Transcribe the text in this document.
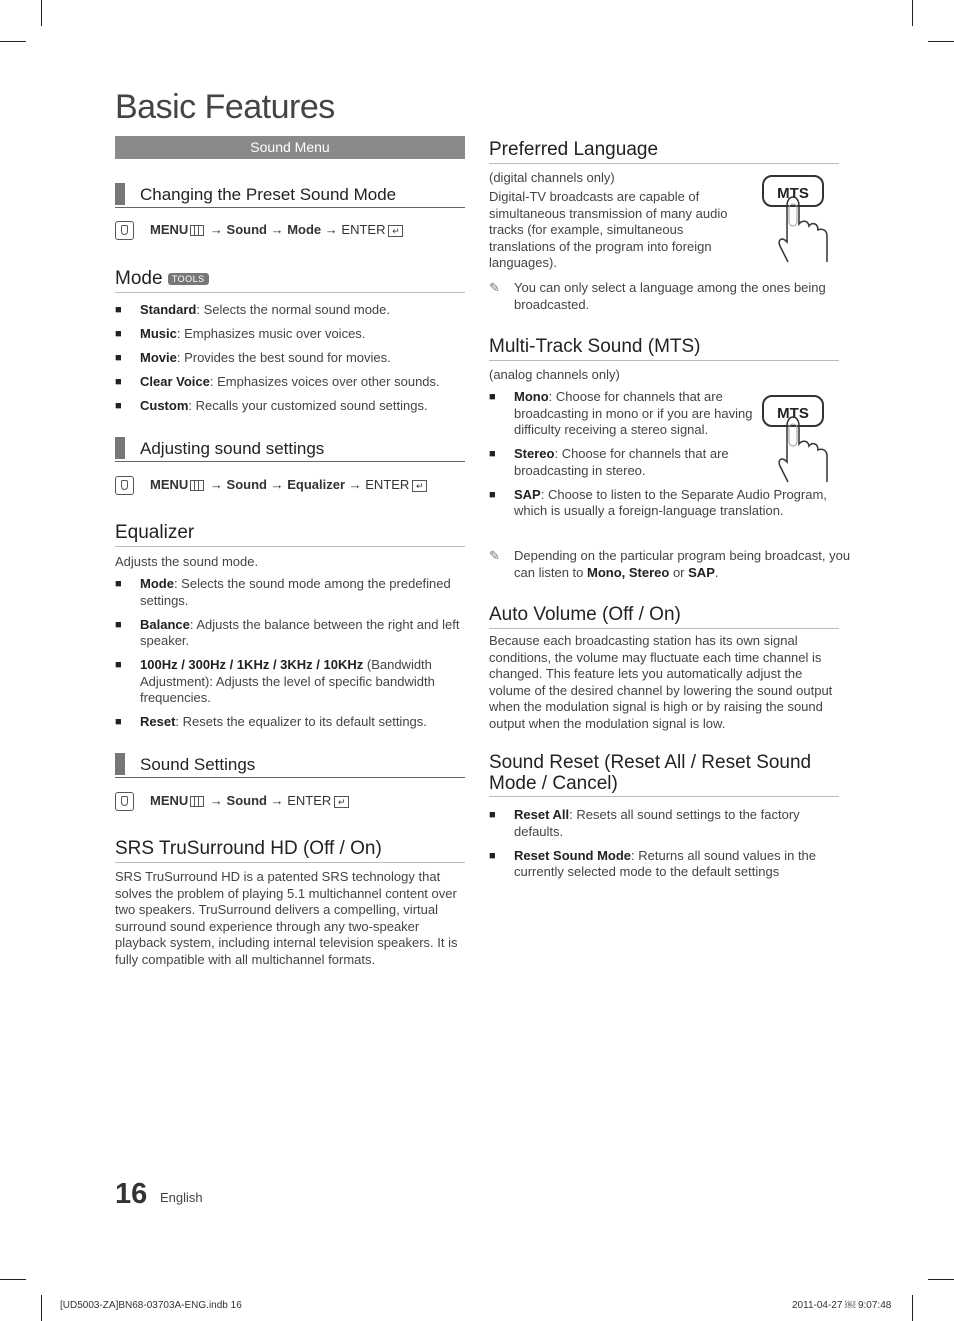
Basic Features
Sound Menu
Changing the Preset Sound Mode
MENU → Sound → Mode → ENTER ↵
Mode TOOLS
■ Standard: Selects the normal sound mode.
■ Music: Emphasizes music over voices.
■ Movie: Provides the best sound for movies.
■ Clear Voice: Emphasizes voices over other sounds.
■ Custom: Recalls your customized sound settings.
Adjusting sound settings
MENU → Sound → Equalizer → ENTER ↵
Equalizer
Adjusts the sound mode.
■ Mode: Selects the sound mode among the predefined settings.
■ Balance: Adjusts the balance between the right and left speaker.
■ 100Hz / 300Hz / 1KHz / 3KHz / 10KHz (Bandwidth Adjustment): Adjusts the level of specific bandwidth frequencies.
■ Reset: Resets the equalizer to its default settings.
Sound Settings
MENU → Sound → ENTER ↵
SRS TruSurround HD (Off / On)
SRS TruSurround HD is a patented SRS technology that solves the problem of playing 5.1 multichannel content over two speakers. TruSurround delivers a compelling, virtual surround sound experience through any two-speaker playback system, including internal television speakers. It is fully compatible with all multichannel formats.
Preferred Language
(digital channels only)
Digital-TV broadcasts are capable of simultaneous transmission of many audio tracks (for example, simultaneous translations of the program into foreign languages).
MTS
✎ You can only select a language among the ones being broadcasted.
Multi-Track Sound (MTS)
(analog channels only)
■ Mono: Choose for channels that are broadcasting in mono or if you are having difficulty receiving a stereo signal.
■ Stereo: Choose for channels that are broadcasting in stereo.
■ SAP: Choose to listen to the Separate Audio Program, which is usually a foreign-language translation.
MTS
✎ Depending on the particular program being broadcast, you can listen to Mono, Stereo or SAP.
Auto Volume (Off / On)
Because each broadcasting station has its own signal conditions, the volume may fluctuate each time channel is changed. This feature lets you automatically adjust the volume of the desired channel by lowering the sound output when the modulation signal is high or by raising the sound output when the modulation signal is low.
Sound Reset (Reset All / Reset Sound Mode / Cancel)
■ Reset All: Resets all sound settings to the factory defaults.
■ Reset Sound Mode: Returns all sound values in the currently selected mode to the default settings
16 English
[UD5003-ZA]BN68-03703A-ENG.indb 16	2011-04-27 ￼ 9:07:48
